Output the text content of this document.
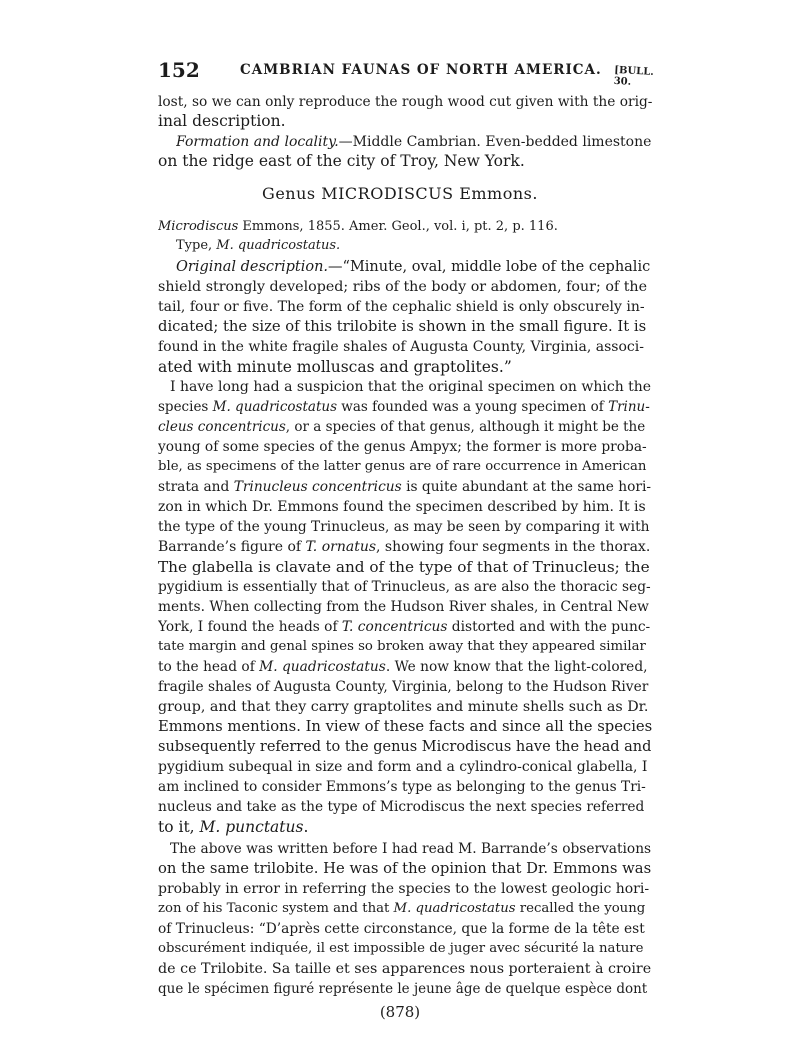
152	CAMBRIAN FAUNAS OF NORTH AMERICA. [BULL. 30.
lost, so we can only reproduce the rough wood cut given with the orig-
inal description.
Formation and locality.—Middle Cambrian. Even-bedded limestone
on the ridge east of the city of Troy, New York.
Genus MICRODISCUS Emmons.
Microdiscus Emmons, 1855. Amer. Geol., vol. i, pt. 2, p. 116.
Type, M. quadricostatus.
Original description.—“Minute, oval, middle lobe of the cephalic
shield strongly developed; ribs of the body or abdomen, four; of the
tail, four or five. The form of the cephalic shield is only obscurely in-
dicated; the size of this trilobite is shown in the small figure. It is
found in the white fragile shales of Augusta County, Virginia, associ-
ated with minute molluscas and graptolites.”
I have long had a suspicion that the original specimen on which the
species M. quadricostatus was founded was a young specimen of Trinu-
cleus concentricus, or a species of that genus, although it might be the
young of some species of the genus Ampyx; the former is more proba-
ble, as specimens of the latter genus are of rare occurrence in American
strata and Trinucleus concentricus is quite abundant at the same hori-
zon in which Dr. Emmons found the specimen described by him. It is
the type of the young Trinucleus, as may be seen by comparing it with
Barrande’s figure of T. ornatus, showing four segments in the thorax.
The glabella is clavate and of the type of that of Trinucleus; the
pygidium is essentially that of Trinucleus, as are also the thoracic seg-
ments. When collecting from the Hudson River shales, in Central New
York, I found the heads of T. concentricus distorted and with the punc-
tate margin and genal spines so broken away that they appeared similar
to the head of M. quadricostatus. We now know that the light-colored,
fragile shales of Augusta County, Virginia, belong to the Hudson River
group, and that they carry graptolites and minute shells such as Dr.
Emmons mentions. In view of these facts and since all the species
subsequently referred to the genus Microdiscus have the head and
pygidium subequal in size and form and a cylindro-conical glabella, I
am inclined to consider Emmons’s type as belonging to the genus Tri-
nucleus and take as the type of Microdiscus the next species referred
to it, M. punctatus.
The above was written before I had read M. Barrande’s observations
on the same trilobite. He was of the opinion that Dr. Emmons was
probably in error in referring the species to the lowest geologic hori-
zon of his Taconic system and that M. quadricostatus recalled the young
of Trinucleus: “D’après cette circonstance, que la forme de la tête est
obscurément indiquée, il est impossible de juger avec sécurité la nature
de ce Trilobite. Sa taille et ses apparences nous porteraient à croire
que le spécimen figuré représente le jeune âge de quelque espèce dont
(878)
